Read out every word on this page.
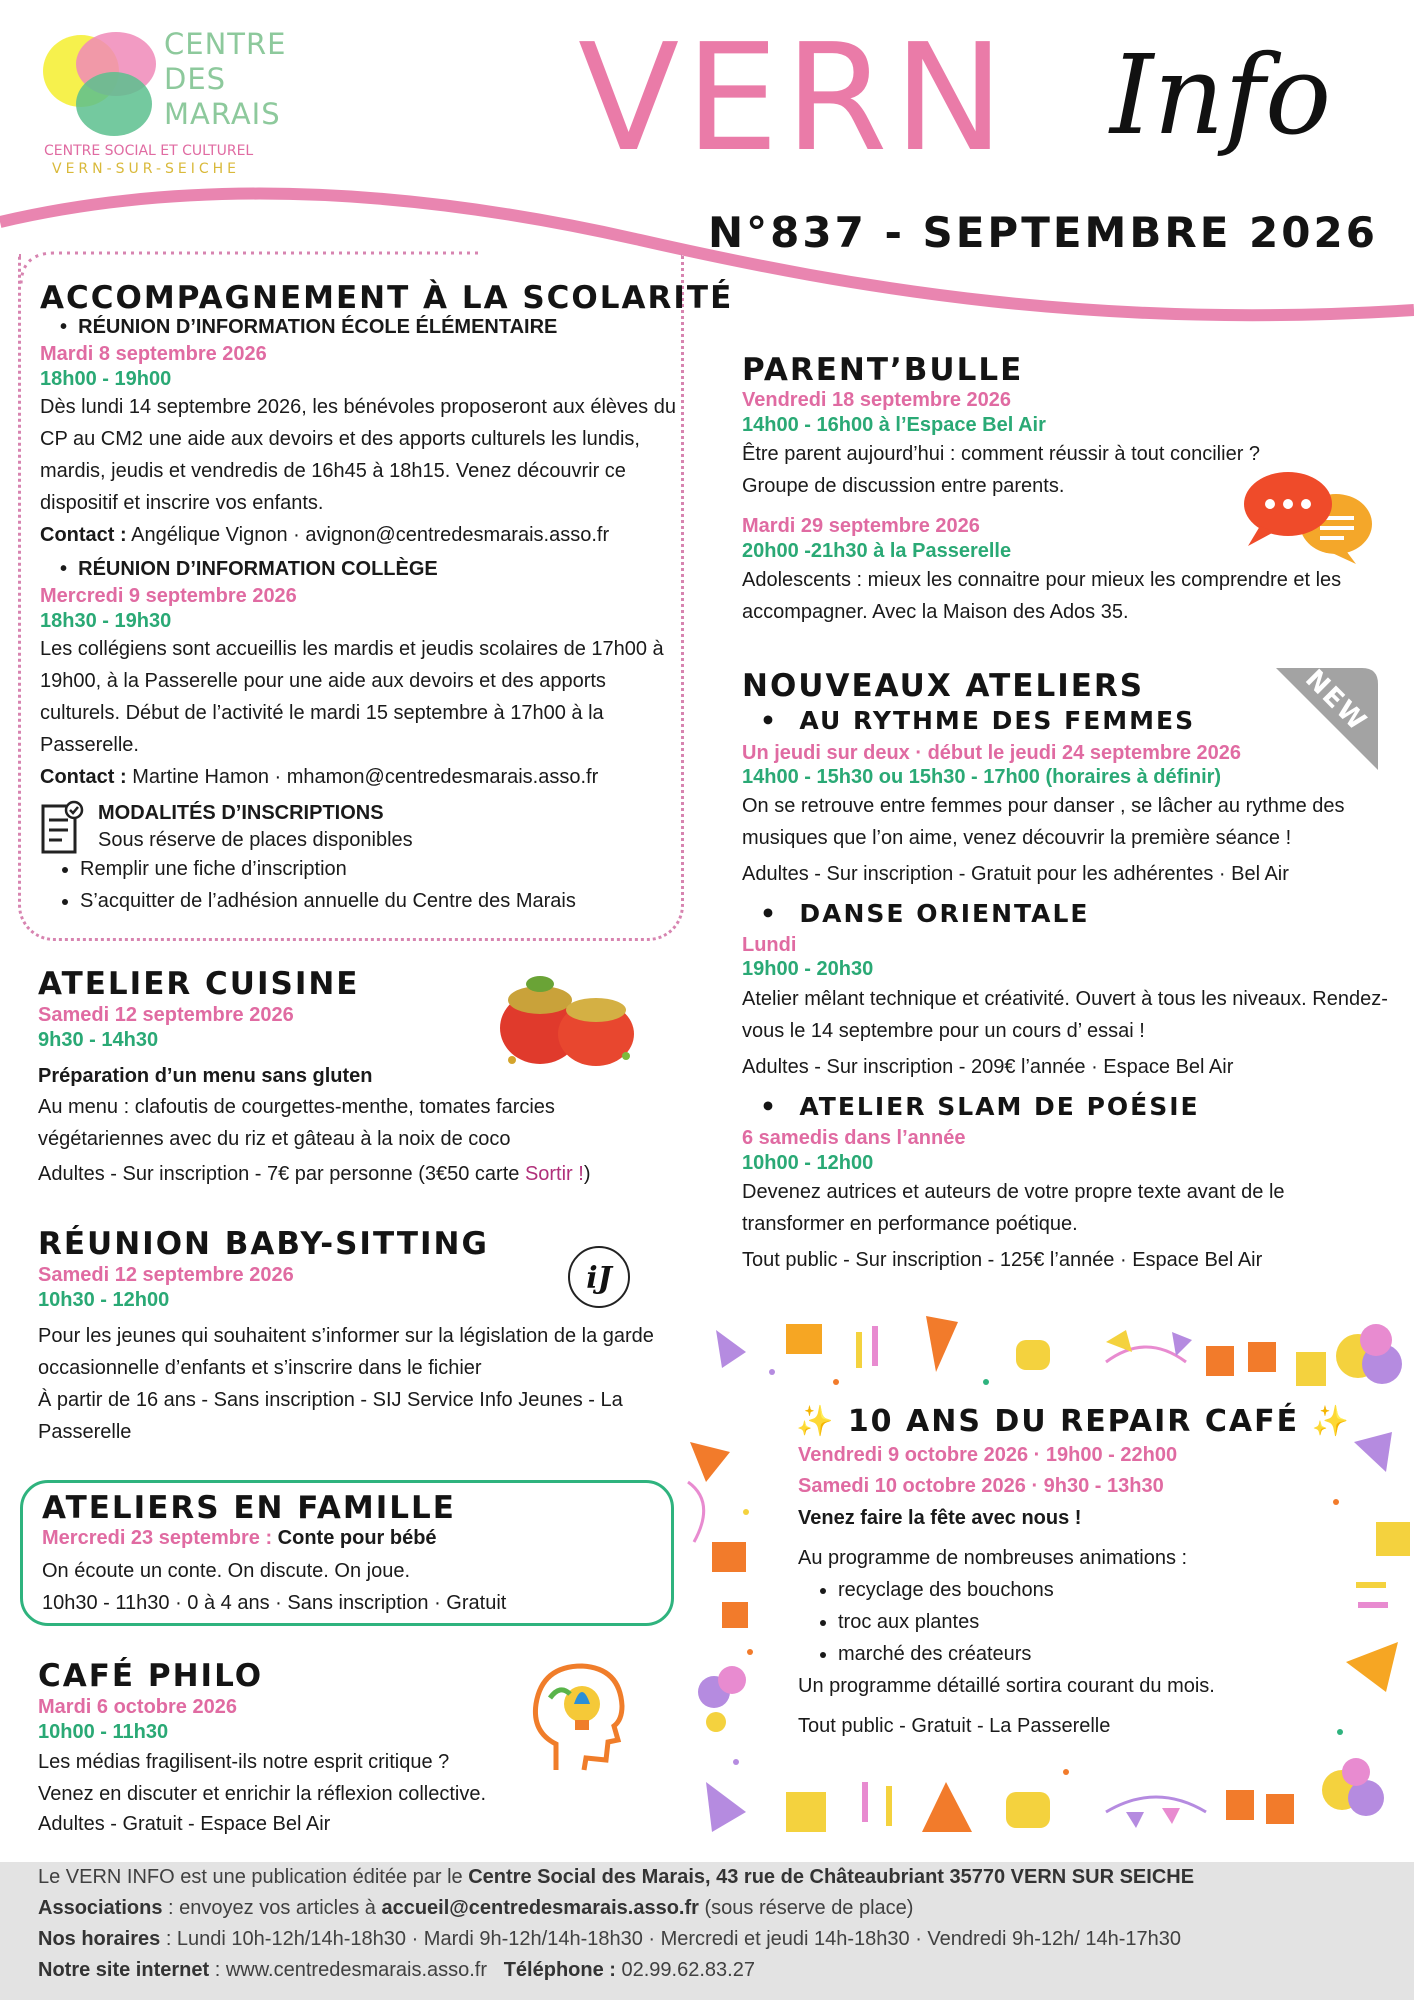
CENTRE
DES
MARAIS
CENTRE SOCIAL ET CULTUREL
VERN-SUR-SEICHE VERN Info
N°837 - SEPTEMBRE 2026
ACCOMPAGNEMENT À LA SCOLARITÉ
•  RÉUNION D’INFORMATION ÉCOLE ÉLÉMENTAIRE
Mardi 8 septembre 2026
18h00 - 19h00
Dès lundi 14 septembre 2026, les bénévoles proposeront aux élèves du CP au CM2 une aide aux devoirs et des apports culturels les lundis, mardis, jeudis et vendredis de 16h45 à 18h15. Venez découvrir ce dispositif et inscrire vos enfants.
Contact : Angélique Vignon · avignon@centredesmarais.asso.fr
•  RÉUNION D’INFORMATION COLLÈGE
Mercredi 9 septembre 2026
18h30 - 19h30
Les collégiens sont accueillis les mardis et jeudis scolaires de 17h00 à 19h00, à la Passerelle pour une aide aux devoirs et des apports culturels. Début de l’activité le mardi 15 septembre à 17h00 à la Passerelle.
Contact : Martine Hamon · mhamon@centredesmarais.asso.fr
MODALITÉS D’INSCRIPTIONS
Sous réserve de places disponibles
• Remplir une fiche d’inscription
• S’acquitter de l’adhésion annuelle du Centre des Marais
ATELIER CUISINE
Samedi 12 septembre 2026
9h30 - 14h30
Préparation d’un menu sans gluten
Au menu : clafoutis de courgettes-menthe, tomates farcies végétariennes avec du riz et gâteau à la noix de coco
Adultes - Sur inscription - 7€ par personne (3€50 carte Sortir !)
RÉUNION BABY-SITTING
Samedi 12 septembre 2026
10h30 - 12h00
Pour les jeunes qui souhaitent s’informer sur la législation de la garde occasionnelle d’enfants et s’inscrire dans le fichier
À partir de 16 ans - Sans inscription - SIJ Service Info Jeunes - La Passerelle
iJ
ATELIERS EN FAMILLE
Mercredi 23 septembre : Conte pour bébé
On écoute un conte. On discute. On joue.
10h30 - 11h30 · 0 à 4 ans · Sans inscription · Gratuit
CAFÉ PHILO
Mardi 6 octobre 2026
10h00 - 11h30
Les médias fragilisent-ils notre esprit critique ?
Venez en discuter et enrichir la réflexion collective.
Adultes - Gratuit - Espace Bel Air
PARENT’BULLE
Vendredi 18 septembre 2026
14h00 - 16h00 à l’Espace Bel Air
Être parent aujourd’hui : comment réussir à tout concilier ? Groupe de discussion entre parents.
Mardi 29 septembre 2026
20h00 -21h30 à la Passerelle
Adolescents : mieux les connaitre pour mieux les comprendre et les accompagner. Avec la Maison des Ados 35.
NOUVEAUX ATELIERS	NEW
•  AU RYTHME DES FEMMES
Un jeudi sur deux · début le jeudi 24 septembre 2026
14h00 - 15h30 ou 15h30 - 17h00 (horaires à définir)
On se retrouve entre femmes pour danser , se lâcher au rythme des musiques que l’on aime, venez découvrir la première séance !
Adultes - Sur inscription - Gratuit pour les adhérentes · Bel Air
•  DANSE ORIENTALE
Lundi
19h00 - 20h30
Atelier mêlant technique et créativité. Ouvert à tous les niveaux. Rendez-vous le 14 septembre pour un cours d’ essai !
Adultes - Sur inscription - 209€ l’année · Espace Bel Air
•  ATELIER SLAM DE POÉSIE
6 samedis dans l’année
10h00 - 12h00
Devenez autrices et auteurs de votre propre texte avant de le transformer en performance poétique.
Tout public - Sur inscription - 125€ l’année · Espace Bel Air
✨ 10 ANS DU REPAIR CAFÉ ✨
Vendredi 9 octobre 2026 · 19h00 - 22h00
Samedi 10 octobre 2026 · 9h30 - 13h30
Venez faire la fête avec nous !
Au programme de nombreuses animations :
• recyclage des bouchons
• troc aux plantes
• marché des créateurs
Un programme détaillé sortira courant du mois.
Tout public - Gratuit - La Passerelle
Le VERN INFO est une publication éditée par le Centre Social des Marais, 43 rue de Châteaubriant 35770 VERN SUR SEICHE
Associations : envoyez vos articles à accueil@centredesmarais.asso.fr (sous réserve de place)
Nos horaires : Lundi 10h-12h/14h-18h30 · Mardi 9h-12h/14h-18h30 · Mercredi et jeudi 14h-18h30 · Vendredi 9h-12h/ 14h-17h30
Notre site internet : www.centredesmarais.asso.fr   Téléphone : 02.99.62.83.27
